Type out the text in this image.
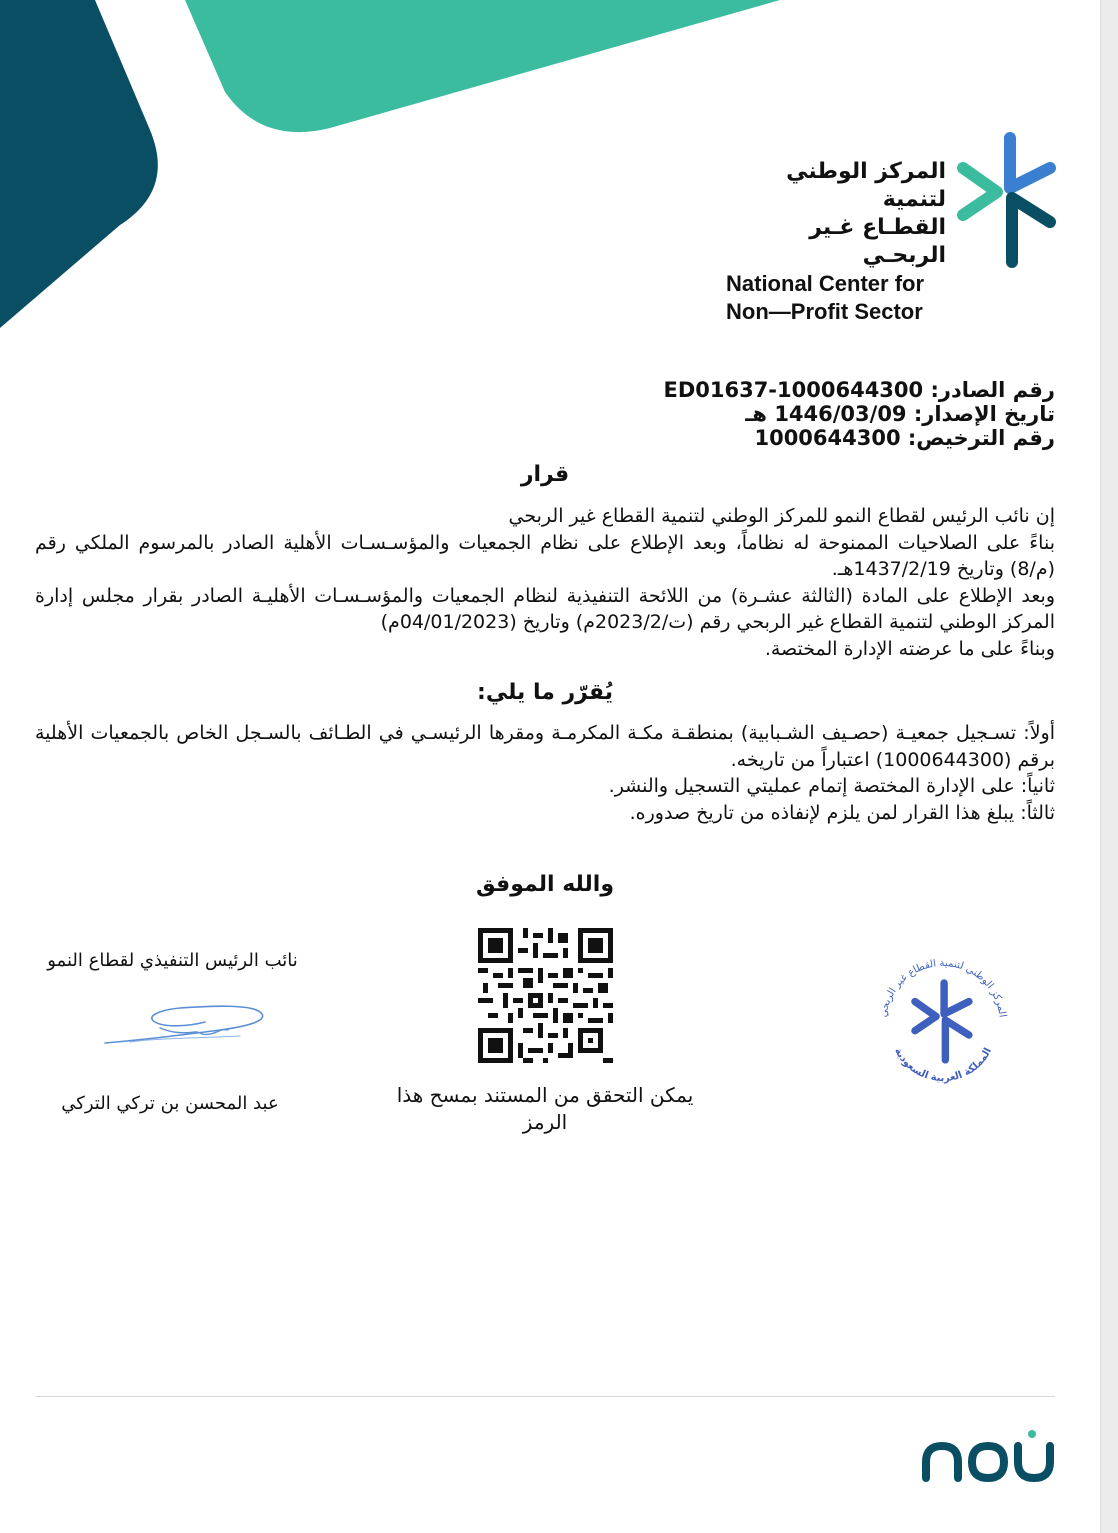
المركز الوطني لتنمية
القطـاع غـير الربحـي
National Center for
Non—Profit Sector
رقم الصادر: ED01637-1000644300
تاريخ الإصدار: 1446/03/09 هـ
رقم الترخيص: 1000644300
قرار
إن نائب الرئيس لقطاع النمو للمركز الوطني لتنمية القطاع غير الربحي
بناءً على الصلاحيات الممنوحة له نظاماً، وبعد الإطلاع على نظام الجمعيات والمؤسـسـات الأهلية الصادر بالمرسوم الملكي رقم (م/8) وتاريخ 1437/2/19هـ.
وبعد الإطلاع على المادة (الثالثة عشـرة) من اللائحة التنفيذية لنظام الجمعيات والمؤسـسـات الأهليـة الصادر بقرار مجلس إدارة المركز الوطني لتنمية القطاع غير الربحي رقم (ت/2023/2م) وتاريخ (04/01/2023م)
وبناءً على ما عرضته الإدارة المختصة.
يُقرّر ما يلي:
أولاً: تسـجيل جمعيـة (حصـيف الشـبابية) بمنطقـة مكـة المكرمـة ومقرها الرئيسـي في الطـائف بالسـجل الخاص بالجمعيات الأهلية برقم (1000644300) اعتباراً من تاريخه.
ثانياً: على الإدارة المختصة إتمام عمليتي التسجيل والنشر.
ثالثاً: يبلغ هذا القرار لمن يلزم لإنفاذه من تاريخ صدوره.
والله الموفق
يمكن التحقق من المستند بمسح هذا الرمز
المركز الوطني لتنمية القطاع غير الربحي
المملكة العربية السعودية
نائب الرئيس التنفيذي لقطاع النمو
عبد المحسن بن تركي التركي
